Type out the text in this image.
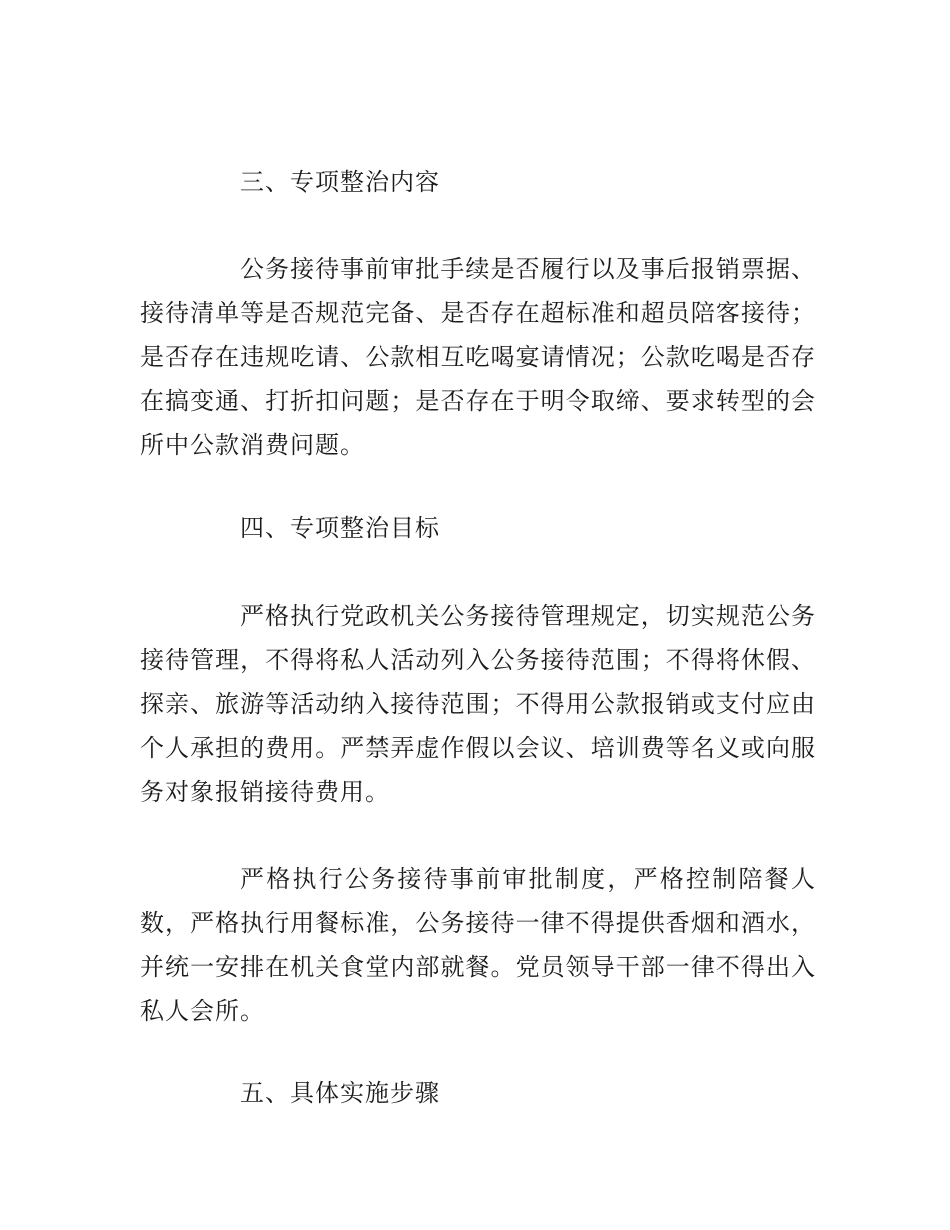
三、专项整治内容
公务接待事前审批手续是否履行以及事后报销票据、接待清单等是否规范完备、是否存在超标准和超员陪客接待；是否存在违规吃请、公款相互吃喝宴请情况；公款吃喝是否存在搞变通、打折扣问题；是否存在于明令取缔、要求转型的会所中公款消费问题。
四、专项整治目标
严格执行党政机关公务接待管理规定，切实规范公务接待管理，不得将私人活动列入公务接待范围；不得将休假、探亲、旅游等活动纳入接待范围；不得用公款报销或支付应由个人承担的费用。严禁弄虚作假以会议、培训费等名义或向服务对象报销接待费用。
严格执行公务接待事前审批制度，严格控制陪餐人数，严格执行用餐标准，公务接待一律不得提供香烟和酒水，并统一安排在机关食堂内部就餐。党员领导干部一律不得出入私人会所。
五、具体实施步骤
